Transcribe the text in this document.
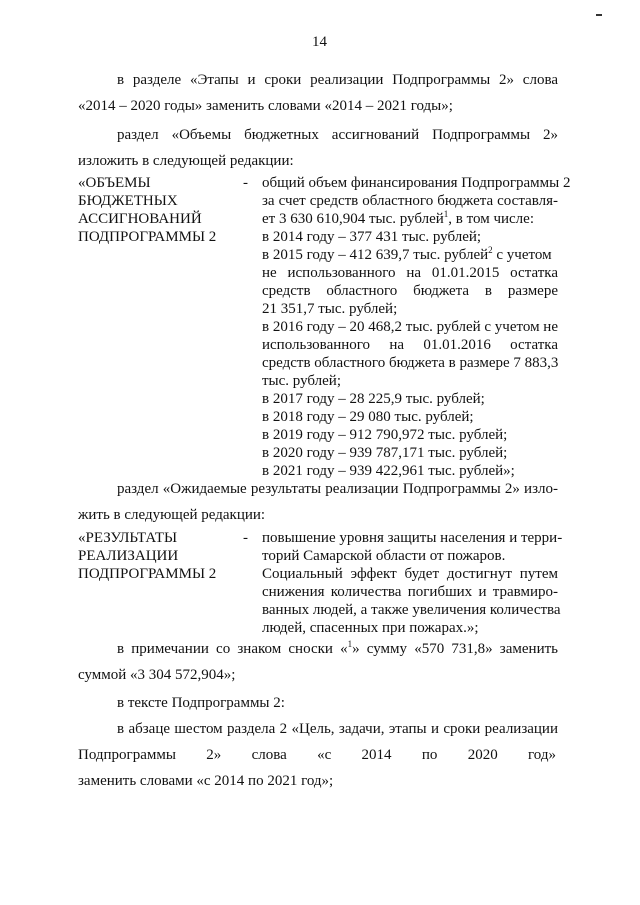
14
в разделе «Этапы и сроки реализации Подпрограммы 2» слова
«2014 – 2020 годы» заменить словами «2014 – 2021 годы»;
раздел «Объемы бюджетных ассигнований Подпрограммы 2»
изложить в следующей редакции:
«ОБЪЕМЫ
БЮДЖЕТНЫХ
АССИГНОВАНИЙ
ПОДПРОГРАММЫ 2
- общий объем финансирования Подпрограммы 2
за счет средств областного бюджета составля-
ет 3 630 610,904 тыс. рублей$^1$, в том числе:
в 2014 году – 377 431 тыс. рублей;
в 2015 году – 412 639,7 тыс. рублей$^2$ с учетом
не использованного на 01.01.2015 остатка
средств областного бюджета в размере
21 351,7 тыс. рублей;
в 2016 году – 20 468,2 тыс. рублей с учетом не
использованного на 01.01.2016 остатка
средств областного бюджета в размере 7 883,3
тыс. рублей;
в 2017 году – 28 225,9 тыс. рублей;
в 2018 году – 29 080 тыс. рублей;
в 2019 году – 912 790,972 тыс. рублей;
в 2020 году – 939 787,171 тыс. рублей;
в 2021 году – 939 422,961 тыс. рублей»;
раздел «Ожидаемые результаты реализации Подпрограммы 2» изло-
жить в следующей редакции:
«РЕЗУЛЬТАТЫ
РЕАЛИЗАЦИИ
ПОДПРОГРАММЫ 2
- повышение уровня защиты населения и терри-
торий Самарской области от пожаров.
Социальный эффект будет достигнут путем
снижения количества погибших и травмиро-
ванных людей, а также увеличения количества
людей, спасенных при пожарах.»;
в примечании со знаком сноски «$^1$» сумму «570 731,8» заменить
суммой «3 304 572,904»;
в тексте Подпрограммы 2:
в абзаце шестом раздела 2 «Цель, задачи, этапы и сроки реализации
Подпрограммы 2» слова «с 2014 по 2020 год»
заменить словами «с 2014 по 2021 год»;
